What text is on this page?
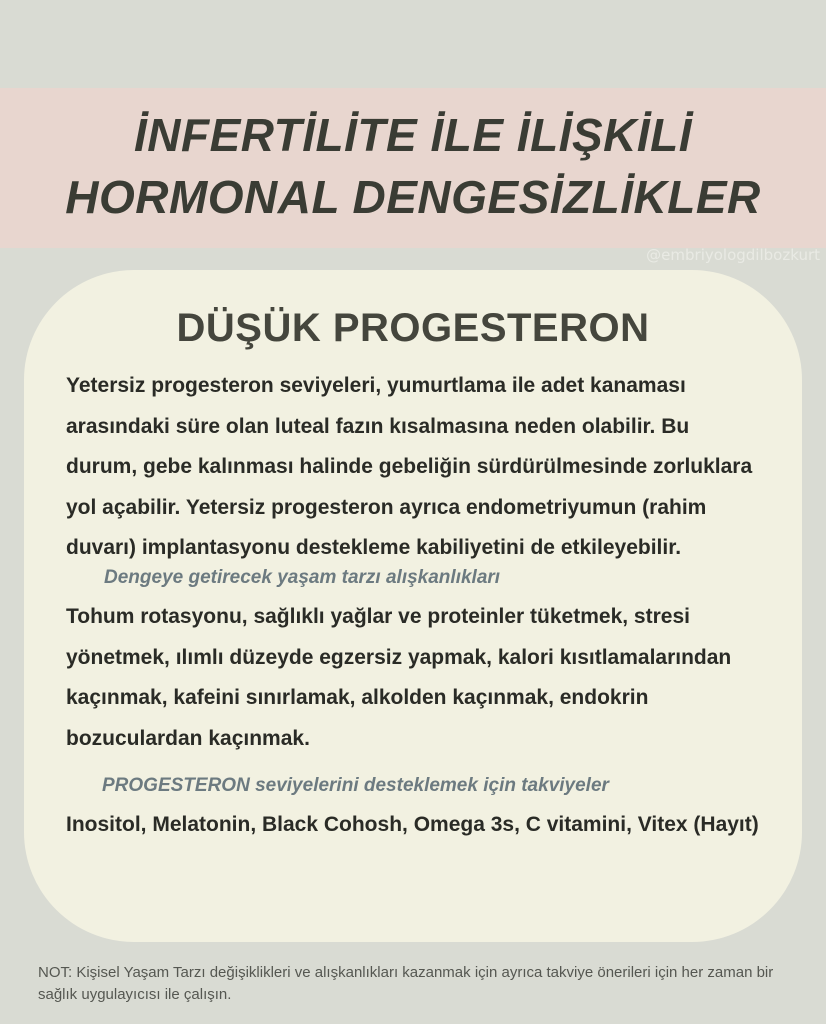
İNFERTİLİTE İLE İLİŞKİLİ
HORMONAL DENGESİZLİKLER
@embriyologdilbozkurt
DÜŞÜK PROGESTERON

Yetersiz progesteron seviyeleri, yumurtlama ile adet kanaması arasındaki süre olan luteal fazın kısalmasına neden olabilir. Bu durum, gebe kalınması halinde gebeliğin sürdürülmesinde zorluklara yol açabilir. Yetersiz progesteron ayrıca endometriyumun (rahim duvarı) implantasyonu destekleme kabiliyetini de etkileyebilir.

Dengeye getirecek yaşam tarzı alışkanlıkları

Tohum rotasyonu, sağlıklı yağlar ve proteinler tüketmek, stresi yönetmek, ılımlı düzeyde egzersiz yapmak, kalori kısıtlamalarından kaçınmak, kafeini sınırlamak, alkolden kaçınmak, endokrin bozuculardan kaçınmak.

PROGESTERON seviyelerini desteklemek için takviyeler

Inositol, Melatonin, Black Cohosh, Omega 3s, C vitamini, Vitex (Hayıt)

NOT: Kişisel Yaşam Tarzı değişiklikleri ve alışkanlıkları kazanmak için ayrıca takviye önerileri için her zaman bir sağlık uygulayıcısı ile çalışın.
